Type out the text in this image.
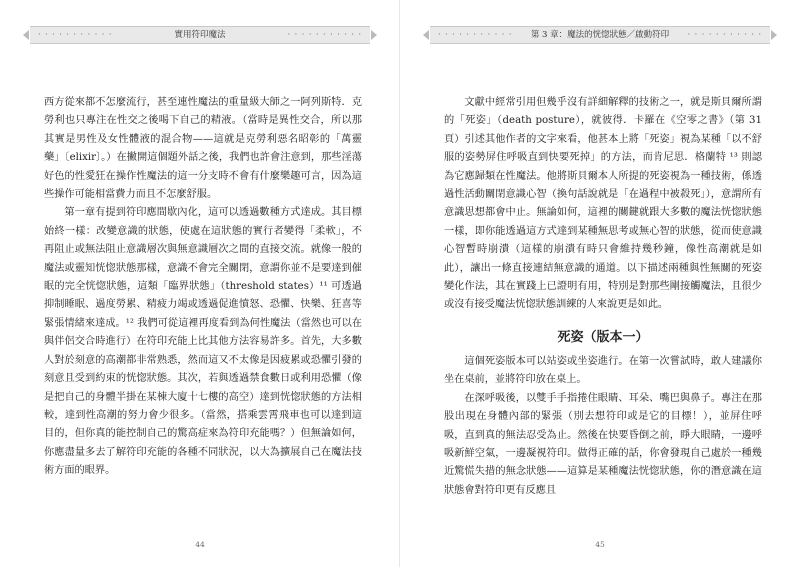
· · · · · · · · · · ·	實用符印魔法	· · · · · · · · · · ·

西方從來都不怎麼流行，甚至連性魔法的重量級大師之一阿列斯特．克勞利也只專注在性交之後喝下自己的精液。（當時是異性交合，所以那其實是男性及女性體液的混合物——這就是克勞利惡名昭彰的「萬靈藥」〔elixir〕。）在撇開這個題外話之後，我們也許會注意到，那些淫蕩好色的性愛狂在操作性魔法的這一分支時不會有什麼樂趣可言，因為這些操作可能相當費力而且不怎麼舒服。

第一章有提到符印應間歇內化，這可以透過數種方式達成。其目標始終一樣：改變意識的狀態，使處在這狀態的實行者變得「柔軟」，不再阻止或無法阻止意識層次與無意識層次之間的直接交流。就像一般的魔法或靈知恍惚狀態那樣，意識不會完全關閉，意謂你並不是要達到催眠的完全恍惚狀態，這類「臨界狀態」（threshold states）¹¹ 可透過抑制睡眠、過度勞累、精疲力竭或透過促進憤怒、恐懼、快樂、狂喜等緊張情緒來達成。¹² 我們可從這裡再度看到為何性魔法（當然也可以在與伴侶交合時進行）在符印充能上比其他方法容易許多。首先，大多數人對於刻意的高潮都非常熟悉，然而這又不太像是因疲累或恐懼引發的刻意且受到約束的恍惚狀態。其次，若與透過禁食數日或利用恐懼（像是把自己的身體半掛在某棟大廈十七樓的高空）達到恍惚狀態的方法相較，達到性高潮的努力會少很多。（當然，搭乘雲霄飛車也可以達到這目的，但你真的能控制自己的驚高症來為符印充能嗎？）但無論如何，你應盡量多去了解符印充能的各種不同狀況，以大為擴展自己在魔法技術方面的眼界。

44
· · · · · · · · · · ·	第 3 章：魔法的恍惚狀態／啟動符印	· · · · · · · · · · ·

文獻中經常引用但幾乎沒有詳細解釋的技術之一，就是斯貝爾所謂的「死姿」（death posture），就彼得．卡羅在《空零之書》（第 31 頁）引述其他作者的文字來看，他甚本上將「死姿」視為某種「以不舒服的姿勢屏住呼吸直到快要死掉」的方法，而肯尼思．格蘭特 ¹³ 則認為它應歸類在性魔法。他將斯貝爾本人所提的死姿視為一種技術，係透過性活動關閉意識心智（換句話說就是「在過程中被殺死」），意謂所有意識思想都會中止。無論如何，這裡的關鍵就跟大多數的魔法恍惚狀態一樣，即你能透過這方式達到某種無思考或無心智的狀態，從而使意識心智暫時崩潰（這樣的崩潰有時只會維持幾秒鐘，像性高潮就是如此），讓出一條直接連結無意識的通道。以下描述兩種與性無關的死姿變化作法，其在實踐上已證明有用，特別是對那些剛接觸魔法，且很少或沒有接受魔法恍惚狀態訓練的人來說更是如此。

死姿（版本一）

這個死姿版本可以站姿或坐姿進行。在第一次嘗試時，敢人建議你坐在桌前，並將符印放在桌上。

在深呼吸後，以雙手手指捲住眼睛、耳朵、嘴巴與鼻子。專注在那股出現在身體內部的緊張（別去想符印或是它的目標！），並屏住呼吸，直到真的無法忍受為止。然後在快要昏倒之前，睜大眼睛，一邊呼吸新鮮空氣，一邊凝視符印。做得正確的話，你會發現自己處於一種幾近驚慌失措的無念狀態——這算是某種魔法恍惚狀態，你的潛意識在這狀態會對符印更有反應且

45
